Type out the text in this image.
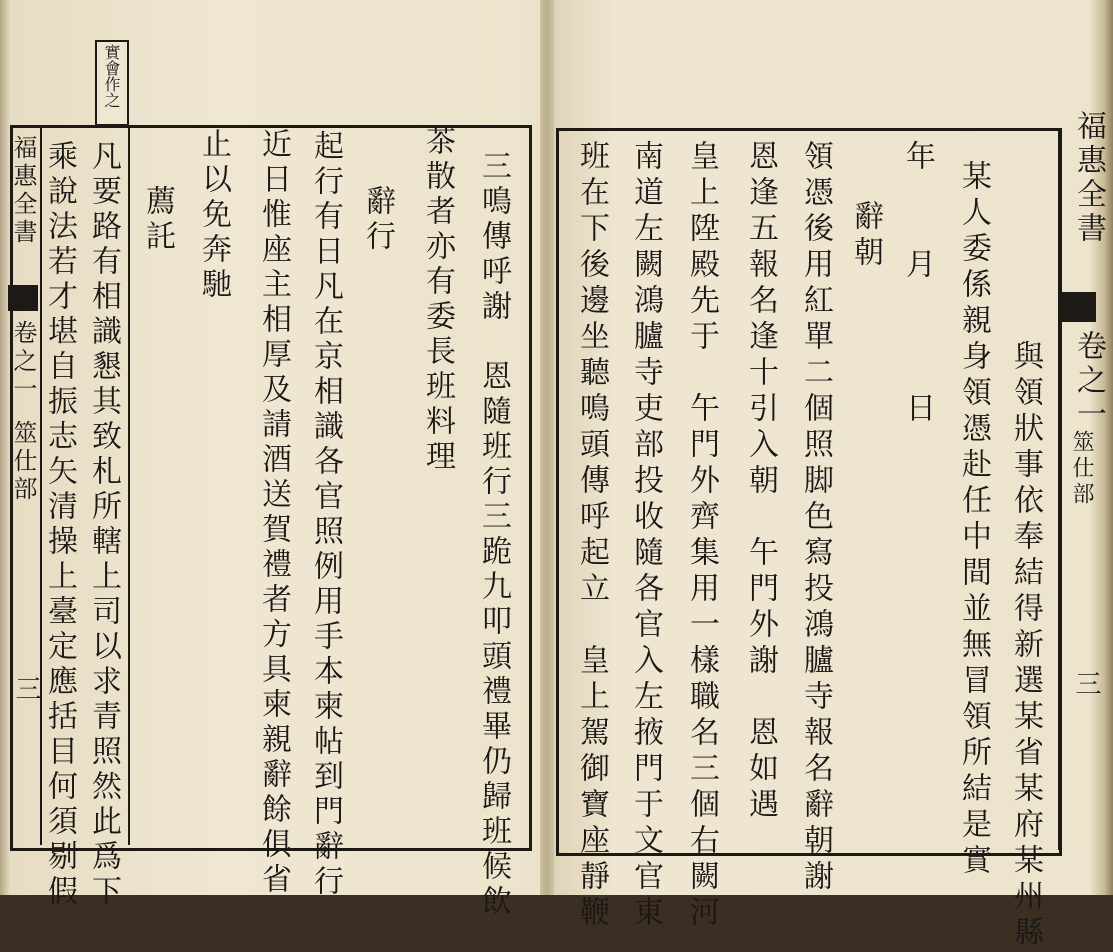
實會作之
福惠全書
卷之一
筮仕部
三	三鳴傳呼謝　恩隨班行三跪九叩頭禮畢仍歸班候飲
茶散者亦有委長班料理
辭行
起行有日凡在京相識各官照例用手本柬帖到門辭行
近日惟座主相厚及請酒送賀禮者方具柬親辭餘俱省
止以免奔馳
薦託
凡要路有相識懇其致札所轄上司以求青照然此爲下
乘說法若才堪自振志矢清操上臺定應括目何須剔假	福惠全書
卷之一
筮仕部
三
與領狀事依奉結得新選某省某府某州縣
某人委係親身領憑赴任中間並無冒領所結是實
年　　月　　　日
辭朝
領憑後用紅單二個照脚色寫投鴻臚寺報名辭朝謝
恩逢五報名逢十引入朝　午門外謝　恩如遇
皇上陞殿先于　午門外齊集用一樣職名三個右闕河
南道左闕鴻臚寺吏部投收隨各官入左掖門于文官東
班在下後邊坐聽鳴頭傳呼起立　皇上駕御寶座靜鞭
